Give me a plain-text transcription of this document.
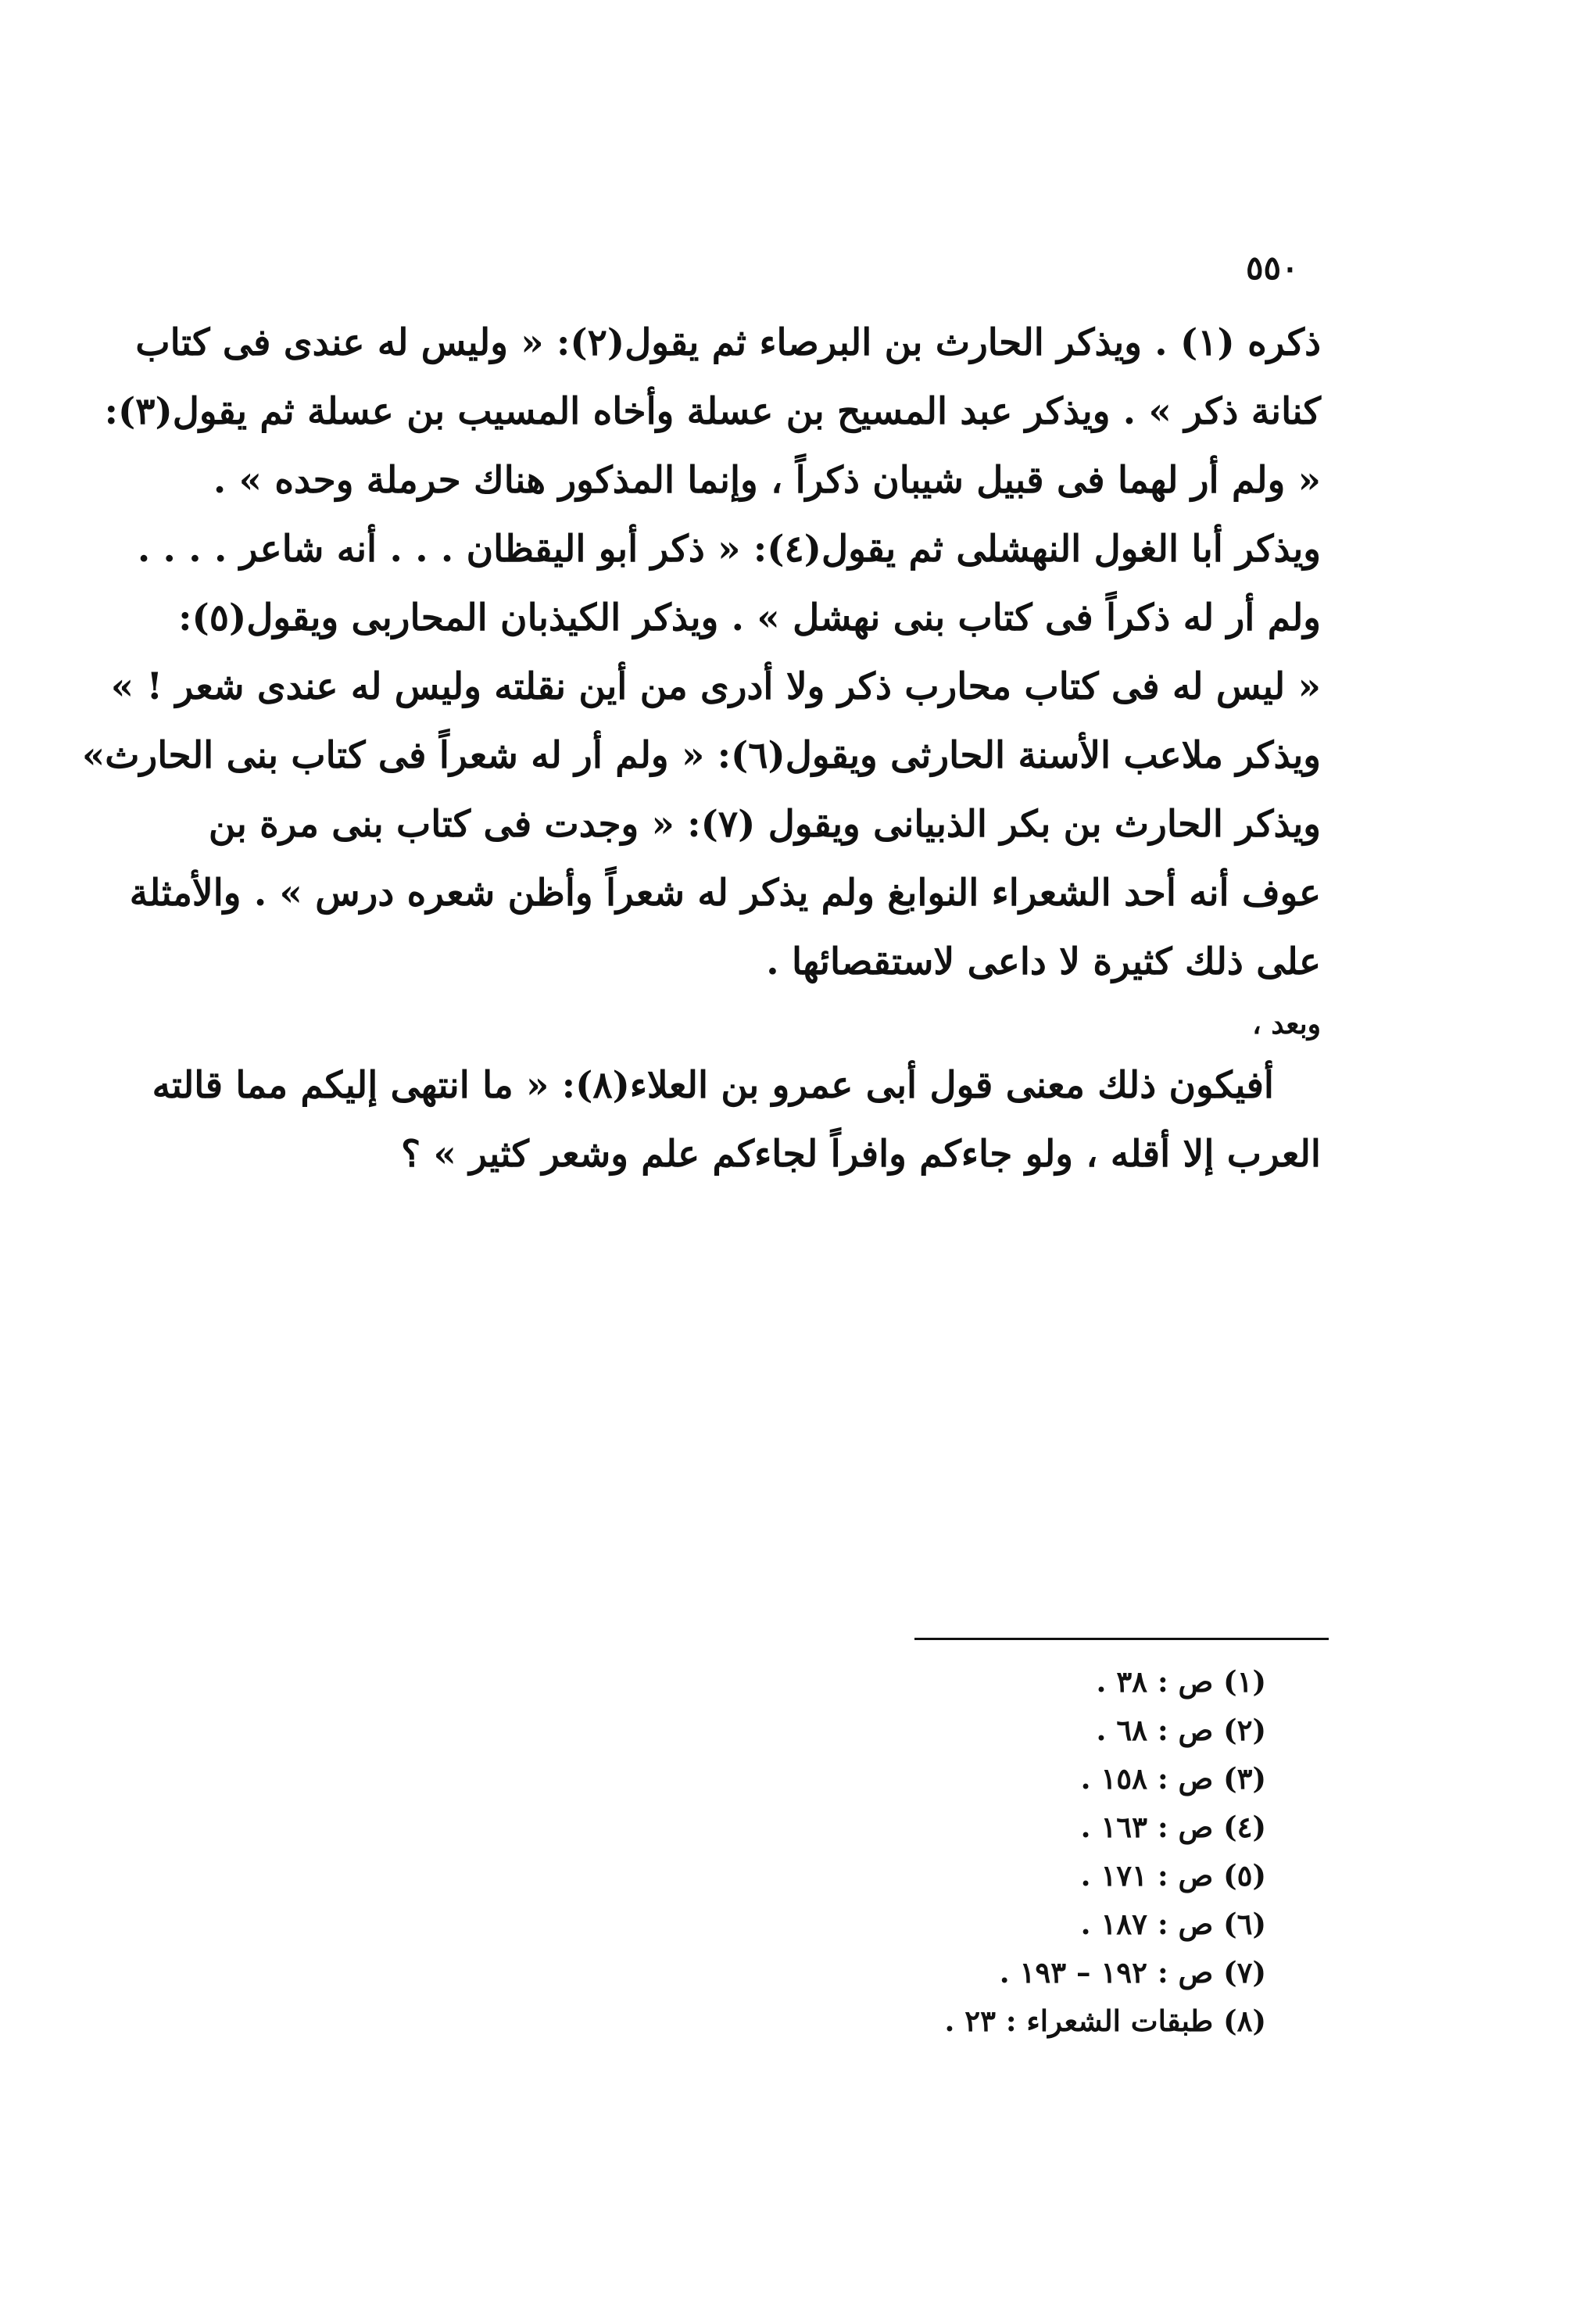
٥٥٠
ذكره (١) . ويذكر الحارث بن البرصاء ثم يقول(٢): « وليس له عندى فى كتاب
كنانة ذكر » . ويذكر عبد المسيح بن عسلة وأخاه المسيب بن عسلة ثم يقول(٣):
« ولم أر لهما فى قبيل شيبان ذكراً ، وإنما المذكور هناك حرملة وحده » .
ويذكر أبا الغول النهشلى ثم يقول(٤): « ذكر أبو اليقظان . . . أنه شاعر . . . .
ولم أر له ذكراً فى كتاب بنى نهشل » . ويذكر الكيذبان المحاربى ويقول(٥):
« ليس له فى كتاب محارب ذكر ولا أدرى من أين نقلته وليس له عندى شعر ! »
ويذكر ملاعب الأسنة الحارثى ويقول(٦): « ولم أر له شعراً فى كتاب بنى الحارث»
ويذكر الحارث بن بكر الذبيانى ويقول (٧): « وجدت فى كتاب بنى مرة بن
عوف أنه أحد الشعراء النوابغ ولم يذكر له شعراً وأظن شعره درس » . والأمثلة
على ذلك كثيرة لا داعى لاستقصائها .
وبعد ،
أفيكون ذلك معنى قول أبى عمرو بن العلاء(٨): « ما انتهى إليكم مما قالته
العرب إلا أقله ، ولو جاءكم وافراً لجاءكم علم وشعر كثير » ؟
(١) ص : ٣٨ .
(٢) ص : ٦٨ .
(٣) ص : ١٥٨ .
(٤) ص : ١٦٣ .
(٥) ص : ١٧١ .
(٦) ص : ١٨٧ .
(٧) ص : ١٩٢ – ١٩٣ .
(٨) طبقات الشعراء : ٢٣ .
